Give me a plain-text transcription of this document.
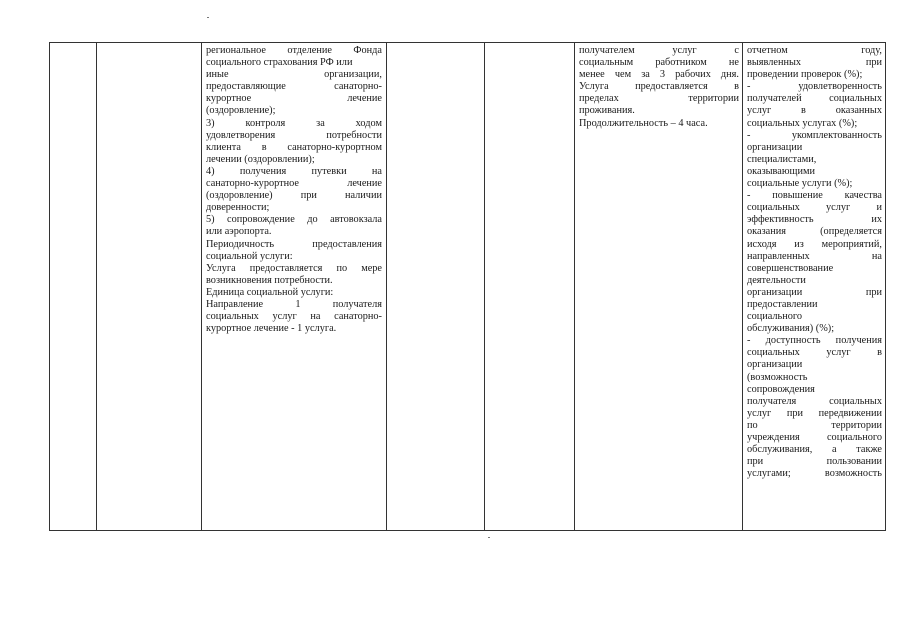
региональное отделение Фонда

социального страхования РФ или

иные организации,

предоставляющие санаторно-

курортное лечение

(оздоровление);

3) контроля за ходом

удовлетворения потребности

клиента в санаторно-курортном

лечении (оздоровлении);

4) получения путевки на

санаторно-курортное лечение

(оздоровление) при наличии

доверенности;

5) сопровождение до автовокзала

или аэропорта.

Периодичность предоставления

социальной услуги:

Услуга предоставляется по мере

возникновения потребности.

Единица социальной услуги:

Направление 1 получателя

социальных услуг на санаторно-

курортное лечение - 1 услуга.

получателем услуг с

социальным работником не

менее чем за 3 рабочих дня.

Услуга предоставляется в

пределах территории

проживания.

Продолжительность – 4 часа.

отчетном году,

выявленных при

проведении проверок (%);

- удовлетворенность

получателей социальных

услуг в оказанных

социальных услугах (%);

- укомплектованность

организации

специалистами,

оказывающими

социальные услуги (%);

- повышение качества

социальных услуг и

эффективность их

оказания (определяется

исходя из мероприятий,

направленных на

совершенствование

деятельности

организации при

предоставлении

социального

обслуживания) (%);

- доступность получения

социальных услуг в

организации

(возможность

сопровождения

получателя социальных

услуг при передвижении

по территории

учреждения социального

обслуживания, а также

при пользовании

услугами; возможность
